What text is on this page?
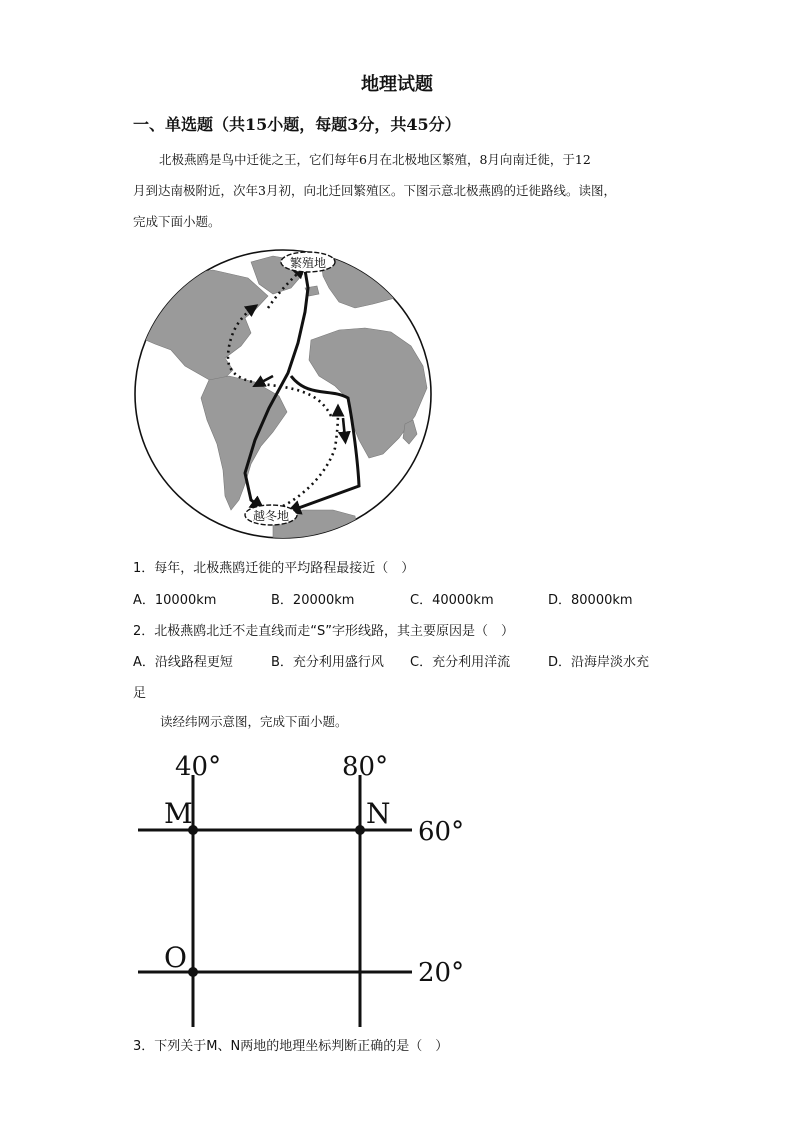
地理试题
一、单选题（共15小题，每题3分，共45分）
北极燕鸥是鸟中迁徙之王，它们每年6月在北极地区繁殖，8月向南迁徙，于12
月到达南极附近，次年3月初，向北迁回繁殖区。下图示意北极燕鸥的迁徙路线。读图，
完成下面小题。
繁殖地
越冬地
1．每年，北极燕鸥迁徙的平均路程最接近（　）
A．10000km	B．20000km	C．40000km	D．80000km
2．北极燕鸥北迁不走直线而走“S”字形线路，其主要原因是（　）
A．沿线路程更短	B．充分利用盛行风 C．充分利用洋流	D．沿海岸淡水充
足
读经纬网示意图，完成下面小题。
40°	80°
60°
20°
M	N
O
3．下列关于M、N两地的地理坐标判断正确的是（　）
